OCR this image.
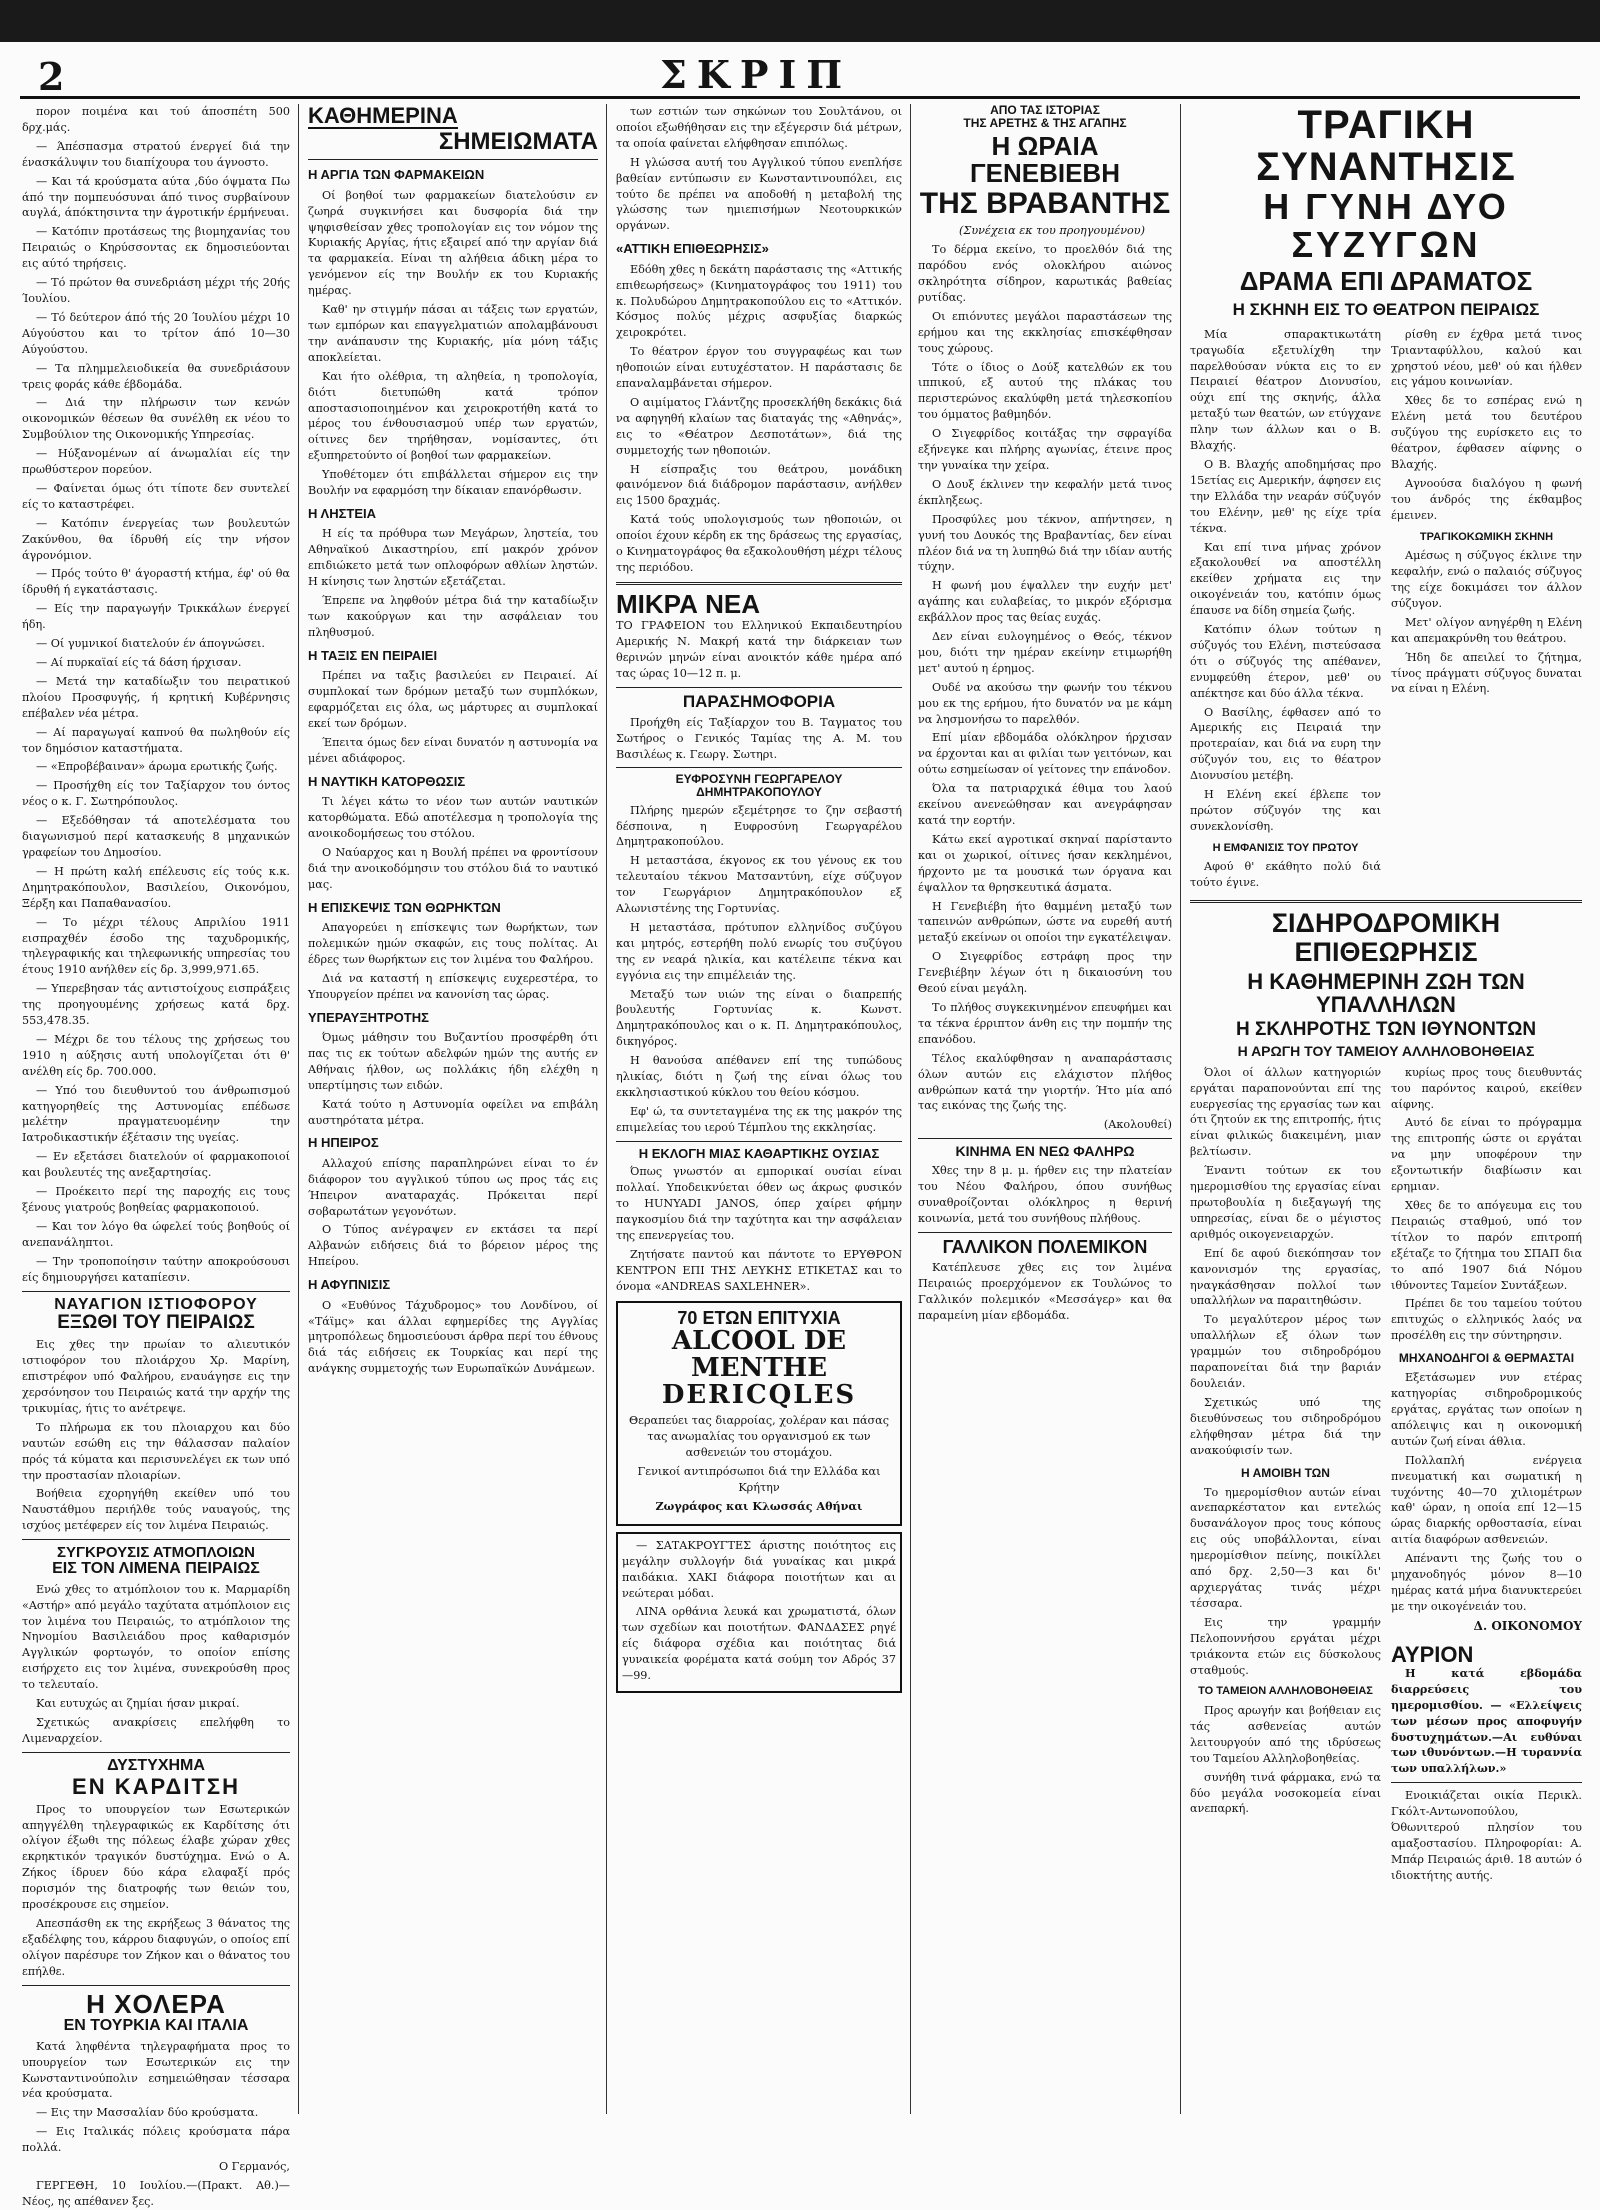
2	ΣΚΡΙΠ

πορον ποιμένα και τού άποσπέτη 500 δρχ.μάς.

— Άπέσπασμα στρατού ένεργεί διά την ένασκάλυψιν του διαπίχουρα του άγνοστο.

— Και τά κρούσματα αύτα ,δύο όψματα Πω άπό την πομπευόσυναι άπό τινος συρβαίνουν αυγλά, άπόκτησιντα την άγροτικήν έρμήνευαι.

— Κατόπιν προτάσεως της βιομηχανίας του Πειραιώς ο Κηρύσσοντας εκ δημοσιεύονται εις αύτό τηρήσεις.

— Τό πρώτον θα συνεδριάση μέχρι τής 20ής Ίουλίου.

— Τό δεύτερον άπό τής 20 Ίουλίου μέχρι 10 Αύγούστου και το τρίτον άπό 10—30 Αύγούστου.

— Τα πλημμελειοδικεία θα συνεδριάσουν τρεις φοράς κάθε έβδομάδα.

— Διά την πλήρωσιν των κενών οικονομικών θέσεων θα συνέλθη εκ νέου το Συμβούλιον της Οικονομικής Υπηρεσίας.

— Ηύξανομένων αί άνωμαλίαι είς την πρωθύστερον πορεύον.

— Φαίνεται όμως ότι τίποτε δεν συντελεί είς το καταστρέφει.

— Κατόπιν ένεργείας των βουλευτών Ζακύνθου, θα ίδρυθή είς την νήσον άγρονόμιον.

— Πρός τούτο θ' άγοραστή κτήμα, έφ' ού θα ίδρυθή ή εγκατάστασις.

— Είς την παραγωγήν Τρικκάλων ένεργεί ήδη.

— Οί γυμνικοί διατελούν έν άπογνώσει.

— Αί πυρκαϊαί είς τά δάση ήρχισαν.

— Μετά την καταδίωξιν του πειρατικού πλοίου Προσφυγής, ή κρητική Κυβέρνησις επέβαλεν νέα μέτρα.

— Αί παραγωγαί καπνού θα πωληθούν είς τον δημόσιον καταστήματα.

— «Επροβέβαιναν» άρωμα ερωτικής ζωής.

— Προσήχθη είς τον Ταξίαρχον του όντος νέος ο κ. Γ. Σωτηρόπουλος.

— Εξεδόθησαν τά αποτελέσματα του διαγωνισμού περί κατασκευής 8 μηχανικών γραφείων του Δημοσίου.

— Η πρώτη καλή επέλευσις είς τούς κ.κ. Δημητρακόπουλον, Βασιλείου, Οικονόμου, Ξέρξη και Παπαθανασίου.

— Το μέχρι τέλους Απριλίου 1911 εισπραχθέν έσοδο της ταχυδρομικής, τηλεγραφικής και τηλεφωνικής υπηρεσίας του έτους 1910 ανήλθεν είς δρ. 3,999,971.65.

— Υπερεβησαν τάς αντιστοίχους εισπράξεις της προηγουμένης χρήσεως κατά δρχ. 553,478.35.

— Μέχρι δε του τέλους της χρήσεως του 1910 η αύξησις αυτή υπολογίζεται ότι θ' ανέλθη είς δρ. 700.000.

— Υπό του διευθυντού του άνθρωπισμού κατηγορηθείς της Αστυνομίας επέδωσε μελέτην πραγματευομένην την Ιατροδικαστικήν έξέτασιν της υγείας.

— Εν εξετάσει διατελούν οί φαρμακοποιοί και βουλευτές της ανεξαρτησίας.

— Προέκειτο περί της παροχής εις τους ξένους γιατρούς βοηθείας φαρμακοποιού.

— Και τον λόγο θα ώφελεί τούς βοηθούς οί ανεπανάληπτοι.

— Την τροποποίησιν ταύτην αποκρούσουσι είς δημιουργήσει καταπίεσιν.

ΝΑΥΑΓΙΟΝ ΙΣΤΙΟΦΟΡΟΥ
ΕΞΩΘΙ ΤΟΥ ΠΕΙΡΑΙΩΣ

Εις χθες την πρωίαν το αλιευτικόν ιστιοφόρον του πλοιάρχου Χρ. Μαρίνη, επιστρέφον υπό Φαλήρου, εναυάγησε εις την χερσόνησον του Πειραιώς κατά την αρχήν της τρικυμίας, ήτις το ανέτρεψε.

Το πλήρωμα εκ του πλοιαρχου και δύο ναυτών εσώθη εις την θάλασσαν παλαίον πρός τά κύματα και περισυνελέγει εκ των υπό την προστασίαν πλοιαρίων.

Βοήθεια εχορηγήθη εκείθεν υπό του Ναυστάθμου περιήλθε τούς ναυαγούς, της ισχύος μετέφερεν είς τον λιμένα Πειραιώς.

ΣΥΓΚΡΟΥΣΙΣ ΑΤΜΟΠΛΟΙΩΝ
ΕΙΣ ΤΟΝ ΛΙΜΕΝΑ ΠΕΙΡΑΙΩΣ

Ενώ χθες το ατμόπλοιον του κ. Μαρμαρίδη «Αστήρ» από μεγάλο ταχύτατα ατμόπλοιον εις τον λιμένα του Πειραιώς, το ατμόπλοιον της Νηνομίου Βασιλειάδου προς καθαρισμόν Αγγλικών φορτωγόν, το οποίον επίσης εισήρχετο εις τον λιμένα, συνεκρούσθη προς το τελευταίο.

Και ευτυχώς αι ζημίαι ήσαν μικραί.

Σχετικώς ανακρίσεις επελήφθη το Λιμεναρχείον.

ΔΥΣΤΥΧΗΜΑ
ΕΝ ΚΑΡΔΙΤΣΗ

Προς το υπουργείον των Εσωτερικών απηγγέλθη τηλεγραφικώς εκ Καρδίτσης ότι ολίγον έξωθι της πόλεως έλαβε χώραν χθες εκρηκτικόν τραγικόν δυστύχημα. Ενώ ο Α. Ζήκος ίδρυεν δύο κάρα ελαφαξί πρός πορισμόν της διατροφής των θειών του, προσέκρουσε εις σημείον.

Απεσπάσθη εκ της εκρήξεως 3 θάνατος της εξαδέλφης του, κάρρου διαφυγών, ο οποίος επί ολίγον παρέσυρε τον Ζήκον και ο θάνατος του επήλθε.

Η ΧΟΛΕΡΑ
ΕΝ ΤΟΥΡΚΙΑ ΚΑΙ ΙΤΑΛΙΑ

Κατά ληφθέντα τηλεγραφήματα προς το υπουργείον των Εσωτερικών εις την Κωνσταντινούπολιν εσημειώθησαν τέσσαρα νέα κρούσματα.

— Εις την Μασσαλίαν δύο κρούσματα.

— Εις Ιταλικάς πόλεις κρούσματα πάρα πολλά.

Ο Γερμανός,

ΓΕΡΓΕΘΗ, 10 Ιουλίου.—(Πρακτ. Αθ.)—Νέος, ης απέθανεν ξες.

ΚΑΘΗΜΕΡΙΝΑ
ΣΗΜΕΙΩΜΑΤΑ
Η ΑΡΓΙΑ ΤΩΝ ΦΑΡΜΑΚΕΙΩΝ

Οί βοηθοί των φαρμακείων διατελούσιν εν ζωηρά συγκινήσει και δυσφορία διά την ψηφισθείσαν χθες τροπολογίαν εις τον νόμον της Κυριακής Αργίας, ήτις εξαιρεί από την αργίαν διά τα φαρμακεία. Είναι τη αλήθεια άδικη μέρα το γενόμενον είς την Βουλήν εκ του Κυριακής ημέρας.

Καθ' ην στιγμήν πάσαι αι τάξεις των εργατών, των εμπόρων και επαγγελματιών απολαμβάνουσι την ανάπαυσιν της Κυριακής, μία μόνη τάξις αποκλείεται.

Και ήτο ολέθρια, τη αληθεία, η τροπολογία, διότι διετυπώθη κατά τρόπον αποστασιοποιημένον και χειροκροτήθη κατά το μέρος του ένθουσιασμού υπέρ των εργατών, οίτινες δεν τηρήθησαν, νομίσαντες, ότι εξυπηρετούντο οί βοηθοί των φαρμακείων.

Υποθέτομεν ότι επιβάλλεται σήμερον εις την Βουλήν να εφαρμόση την δίκαιαν επανόρθωσιν.

Η ΛΗΣΤΕΙΑ

Η είς τα πρόθυρα των Μεγάρων, ληστεία, του Αθηναϊκού Δικαστηρίου, επί μακρόν χρόνον επιδιώκετο μετά των οπλοφόρων αθλίων ληστών. Η κίνησις των ληστών εξετάζεται.

Έπρεπε να ληφθούν μέτρα διά την καταδίωξιν των κακούργων και την ασφάλειαν του πληθυσμού.

Η ΤΑΞΙΣ ΕΝ ΠΕΙΡΑΙΕΙ

Πρέπει να ταξις βασιλεύει εν Πειραιεί. Αί συμπλοκαί των δρόμων μεταξύ των συμπλόκων, εφαρμόζεται εις όλα, ως μάρτυρες αι συμπλοκαί εκεί των δρόμων.

Έπειτα όμως δεν είναι δυνατόν η αστυνομία να μένει αδιάφορος.

Η ΝΑΥΤΙΚΗ ΚΑΤΟΡΘΩΣΙΣ

Τι λέγει κάτω το νέον των αυτών ναυτικών κατορθώματα. Εδώ αποτέλεσμα η τροπολογία της ανοικοδομήσεως του στόλου.

Ο Ναύαρχος και η Βουλή πρέπει να φροντίσουν διά την ανοικοδόμησιν του στόλου διά το ναυτικό μας.

Η ΕΠΙΣΚΕΨΙΣ ΤΩΝ ΘΩΡΗΚΤΩΝ

Απαγορεύει η επίσκεψις των θωρήκτων, των πολεμικών ημών σκαφών, εις τους πολίτας. Αι έδρες των θωρήκτων εις τον λιμένα του Φαλήρου.

Διά να καταστή η επίσκεψις ευχερεστέρα, το Υπουργείον πρέπει να κανονίση τας ώρας.

ΥΠΕΡΑΥΞΗΤΡΟΤΗΣ

Όμως μάθησιν του Βυζαντίου προσφέρθη ότι πας τις εκ τούτων αδελφών ημών της αυτής εν Αθήναις ήλθον, ως πολλάκις ήδη ελέχθη η υπερτίμησις των ειδών.

Κατά τούτο η Αστυνομία οφείλει να επιβάλη αυστηρότατα μέτρα.

Η ΗΠΕΙΡΟΣ

Αλλαχού επίσης παραπληρώνει είναι το έν διάφορον του αγγλικού τύπου ως προς τάς εις Ήπειρον αναταραχάς. Πρόκειται περί σοβαρωτάτων γεγονότων.

Ο Τύπος ανέγραψεν εν εκτάσει τα περί Αλβανών ειδήσεις διά το βόρειον μέρος της Ηπείρου.

Η ΑΦΥΠΝΙΣΙΣ

Ο «Ευθύνος Τάχυδρομος» του Λονδίνου, οί «Τάϊμς» και άλλαι εφημερίδες της Αγγλίας μητροπόλεως δημοσιεύουσι άρθρα περί του έθνους διά τάς ειδήσεις εκ Τουρκίας και περί της ανάγκης συμμετοχής των Ευρωπαϊκών Δυνάμεων.

των εστιών των σηκώνων του Σουλτάνου, οι οποίοι εξωθήθησαν εις την εξέγερσιν διά μέτρων, τα οποία φαίνεται ελήφθησαν επιπόλως.

Η γλώσσα αυτή του Αγγλικού τύπου ενεπλήσε βαθείαν εντύπωσιν εν Κωνσταντινουπόλει, εις τούτο δε πρέπει να αποδοθή η μεταβολή της γλώσσης των ημιεπισήμων Νεοτουρκικών οργάνων.

«ΑΤΤΙΚΗ ΕΠΙΘΕΩΡΗΣΙΣ»

Εδόθη χθες η δεκάτη παράστασις της «Αττικής επιθεωρήσεως» (Κινηματογράφος του 1911) του κ. Πολυδώρου Δημητρακοπούλου εις το «Αττικόν. Κόσμος πολύς μέχρις ασφυξίας διαρκώς χειροκρότει.

Το θέατρον έργον του συγγραφέως και των ηθοποιών είναι ευτυχέστατον. Η παράστασις δε επαναλαμβάνεται σήμερον.

Ο αιμίματος Γλάντζης προσεκλήθη δεκάκις διά να αφηγηθή κλαίων τας διαταγάς της «Αθηνάς», εις το «Θέατρον Δεσποτάτων», διά της συμμετοχής των ηθοποιών.

Η είσπραξις του θεάτρου, μονάδικη φαινόμενον διά διάδρομον παράστασιν, ανήλθεν εις 1500 δραχμάς.

Κατά τούς υπολογισμούς των ηθοποιών, οι οποίοι έχουν κέρδη εκ της δράσεως της εργασίας, ο Κινηματογράφος θα εξακολουθήση μέχρι τέλους της περιόδου.

ΜΙΚΡΑ ΝΕΑ

ΤΟ ΓΡΑΦΕΙΟΝ του Ελληνικού Εκπαιδευτηρίου Αμερικής Ν. Μακρή κατά την διάρκειαν των θερινών μηνών είναι ανοικτόν κάθε ημέρα από τας ώρας 10—12 π. μ.

ΠΑΡΑΣΗΜΟΦΟΡΙΑ

Προήχθη είς Ταξίαρχον του Β. Ταγματος του Σωτήρος ο Γενικός Ταμίας της Α. Μ. του Βασιλέως κ. Γεωργ. Σωτηρι.

ΕΥΦΡΟΣΥΝΗ ΓΕΩΡΓΑΡΕΛΟΥ ΔΗΜΗΤΡΑΚΟΠΟΥΛΟΥ

Πλήρης ημερών εξεμέτρησε το ζην σεβαστή δέσποινα, η Ευφροσύνη Γεωργαρέλου Δημητρακοπούλου.

Η μεταστάσα, έκγονος εκ του γένους εκ του τελευταίου τέκνου Ματσαντύνη, είχε σύζυγον τον Γεωργάριον Δημητρακόπουλον εξ Αλωνιστένης της Γορτυνίας.

Η μεταστάσα, πρότυπον ελληνίδος συζύγου και μητρός, εστερήθη πολύ ενωρίς του συζύγου της εν νεαρά ηλικία, και κατέλειπε τέκνα και εγγόνια εις την επιμέλειάν της.

Μεταξύ των υιών της είναι ο διαπρεπής βουλευτής Γορτυνίας κ. Κωνστ. Δημητρακόπουλος και ο κ. Π. Δημητρακόπουλος, δικηγόρος.

Η θανούσα απέθανεν επί της τυπώδους ηλικίας, διότι η ζωή της είναι όλως του εκκλησιαστικού κύκλου του θείου κόσμου.

Εφ' ώ, τα συντεταγμένα της εκ της μακρόν της επιμελείας του ιερού Τέμπλου της εκκλησίας.

Η ΕΚΛΟΓΗ ΜΙΑΣ ΚΑΘΑΡΤΙΚΗΣ ΟΥΣΙΑΣ

Όπως γνωστόν αι εμπορικαί ουσίαι είναι πολλαί. Υποδεικνύεται όθεν ως άκρως φυσικόν το HUNYADI JANOS, όπερ χαίρει φήμην παγκοσμίου διά την ταχύτητα και την ασφάλειαν της επενεργείας του.

Ζητήσατε παντού και πάντοτε το ΕΡΥΘΡΟΝ ΚΕΝΤΡΟΝ ΕΠΙ ΤΗΣ ΛΕΥΚΗΣ ΕΤΙΚΕΤΑΣ και το όνομα «ANDREAS SAXLEHNER».

70 ΕΤΩΝ ΕΠΙΤΥΧΙΑ
ALCOOL DE MENTHE
DERICQLES

Θεραπεύει τας διαρροίας, χολέραν και πάσας τας ανωμαλίας του οργανισμού εκ των ασθενειών του στομάχου.

Γενικοί αντιπρόσωποι διά την Ελλάδα και Κρήτην

Ζωγράφος και Κλωσσάς Αθήναι

— ΣΑΤΑΚΡΟΥΓΤΕΣ άριστης ποιότητος εις μεγάλην συλλογήν διά γυναίκας και μικρά παιδάκια. ΧΑΚΙ διάφορα ποιοτήτων και αι νεώτεραι μόδαι.

ΛΙΝΑ ορθάνια λευκά και χρωματιστά, όλων των σχεδίων και ποιοτήτων. ΦΑΝΔΑΣΕΣ ρηγέ είς διάφορα σχέδια και ποιότητας διά γυναικεία φορέματα κατά σούμη τον Αδρός 37—99.

ΑΠΟ ΤΑΣ ΙΣΤΟΡΙΑΣ
ΤΗΣ ΑΡΕΤΗΣ & ΤΗΣ ΑΓΑΠΗΣ
Η ΩΡΑΙΑ ΓΕΝΕΒΙΕΒΗ
ΤΗΣ ΒΡΑΒΑΝΤΗΣ

(Συνέχεια εκ του προηγουμένου)

Το δέρμα εκείνο, το προελθόν διά της παρόδου ενός ολοκλήρου αιώνος σκληρότητα σίδηρον, καρωτικάς βαθείας ρυτίδας.

Οι επιόνυτες μεγάλοι παραστάσεων της ερήμου και της εκκλησίας επισκέφθησαν τους χώρους.

Τότε ο ίδιος ο Δούξ κατελθών εκ του ιππικού, εξ αυτού της πλάκας του περιστερώνος εκαλύφθη μετά τηλεσκοπίου του όμματος βαθμηδόν.

Ο Σιγεφρίδος κοιτάξας την σφραγίδα εξήνεγκε και πλήρης αγωνίας, έτεινε προς την γυναίκα την χείρα.

Ο Δουξ έκλινεν την κεφαλήν μετά τινος έκπληξεως.

Προσφύλες μου τέκνον, απήντησεν, η γυνή του Δουκός της Βραβαντίας, δεν είναι πλέον διά να τη λυπηθώ διά την ιδίαν αυτής τύχην.

Η φωνή μου έψαλλεν την ευχήν μετ' αγάπης και ευλαβείας, το μικρόν εξόρισμα εκβάλλον προς τας θείας ευχάς.

Δεν είναι ευλογημένος ο Θεός, τέκνον μου, διότι την ημέραν εκείνην ετιμωρήθη μετ' αυτού η έρημος.

Ουδέ να ακούσω την φωνήν του τέκνου μου εκ της ερήμου, ήτο δυνατόν να με κάμη να λησμονήσω το παρελθόν.

Επί μίαν εβδομάδα ολόκληρον ήρχισαν να έρχονται και αι φιλίαι των γειτόνων, και ούτω εσημείωσαν οί γείτονες την επάνοδον.

Όλα τα πατριαρχικά έθιμα του λαού εκείνου ανενεώθησαν και ανεγράφησαν κατά την εορτήν.

Κάτω εκεί αγροτικαί σκηναί παρίσταντο και οι χωρικοί, οίτινες ήσαν κεκλημένοι, ήρχοντο με τα μουσικά των όργανα και έψαλλον τα θρησκευτικά άσματα.

Η Γενεβιέβη ήτο θαμμένη μεταξύ των ταπεινών ανθρώπων, ώστε να ευρεθή αυτή μεταξύ εκείνων οι οποίοι την εγκατέλειψαν.

Ο Σιγεφρίδος εστράφη προς την Γενεβιέβην λέγων ότι η δικαιοσύνη του Θεού είναι μεγάλη.

Το πλήθος συγκεκινημένον επευφήμει και τα τέκνα έρριπτον άνθη εις την πομπήν της επανόδου.

Τέλος εκαλύφθησαν η αναπαράστασις όλων αυτών εις ελάχιστον πλήθος ανθρώπων κατά την γιορτήν. Ήτο μία από τας εικόνας της ζωής της.

(Ακολουθεί)

ΚΙΝΗΜΑ ΕΝ ΝΕΩ ΦΑΛΗΡΩ

Χθες την 8 μ. μ. ήρθεν εις την πλατείαν του Νέου Φαλήρου, όπου συνήθως συναθροίζονται ολόκληρος η θερινή κοινωνία, μετά του συνήθους πλήθους.

ΓΑΛΛΙΚΟΝ ΠΟΛΕΜΙΚΟΝ

Κατέπλευσε χθες εις τον λιμένα Πειραιώς προερχόμενον εκ Τουλώνος το Γαλλικόν πολεμικόν «Μεσσάγερ» και θα παραμείνη μίαν εβδομάδα.

ΤΡΑΓΙΚΗ ΣΥΝΑΝΤΗΣΙΣ
Η ΓΥΝΗ ΔΥΟ ΣΥΖΥΓΩΝ
ΔΡΑΜΑ ΕΠΙ ΔΡΑΜΑΤΟΣ
Η ΣΚΗΝΗ ΕΙΣ ΤΟ ΘΕΑΤΡΟΝ ΠΕΙΡΑΙΩΣ

Μία σπαρακτικωτάτη τραγωδία εξετυλίχθη την παρελθούσαν νύκτα εις το εν Πειραιεί θέατρον Διονυσίου, ούχι επί της σκηνής, άλλα μεταξύ των θεατών, ων ετύγχανε πλην των άλλων και ο Β. Βλαχής.

Ο Β. Βλαχής αποδημήσας προ 15ετίας εις Αμερικήν, άφησεν εις την Ελλάδα την νεαράν σύζυγόν του Ελένην, μεθ' ης είχε τρία τέκνα.

Και επί τινα μήνας χρόνον εξακολουθεί να αποστέλλη εκείθεν χρήματα εις την οικογένειάν του, κατόπιν όμως έπαυσε να δίδη σημεία ζωής.

Κατόπιν όλων τούτων η σύζυγός του Ελένη, πιστεύσασα ότι ο σύζυγός της απέθανεν, ενυμφεύθη έτερον, μεθ' ου απέκτησε και δύο άλλα τέκνα.

Ο Βασίλης, έφθασεν από το Αμερικής εις Πειραιά την προτεραίαν, και διά να ευρη την σύζυγόν του, εις το θέατρον Διονυσίου μετέβη.

Η Ελένη εκεί έβλεπε τον πρώτον σύζυγόν της και συνεκλονίσθη.

Η ΕΜΦΑΝΙΣΙΣ ΤΟΥ ΠΡΩΤΟΥ

Αφού θ' εκάθητο πολύ διά τούτο έγινε.

ρίσθη εν έχθρα μετά τινος Τριανταφύλλου, καλού και χρηστού νέου, μεθ' ού και ήλθεν εις γάμου κοινωνίαν.

Χθες δε το εσπέρας ενώ η Ελένη μετά του δευτέρου συζύγου της ευρίσκετο εις το θέατρον, έφθασεν αίφνης ο Βλαχής.

Αγνοούσα διαλόγου η φωνή του άνδρός της έκθαμβος έμεινεν.

ΤΡΑΓΙΚΟΚΩΜΙΚΗ ΣΚΗΝΗ

Αμέσως η σύζυγος έκλινε την κεφαλήν, ενώ ο παλαιός σύζυγος της είχε δοκιμάσει τον άλλον σύζυγον.

Μετ' ολίγον ανηγέρθη η Ελένη και απεμακρύνθη του θεάτρου.

Ήδη δε απειλεί το ζήτημα, τίνος πράγματι σύζυγος δυναται να είναι η Ελένη.

ΣΙΔΗΡΟΔΡΟΜΙΚΗ ΕΠΙΘΕΩΡΗΣΙΣ
Η ΚΑΘΗΜΕΡΙΝΗ ΖΩΗ ΤΩΝ ΥΠΑΛΛΗΛΩΝ
Η ΣΚΛΗΡΟΤΗΣ ΤΩΝ ΙΘΥΝΟΝΤΩΝ
Η ΑΡΩΓΗ ΤΟΥ ΤΑΜΕΙΟΥ ΑΛΛΗΛΟΒΟΗΘΕΙΑΣ

Όλοι οί άλλων κατηγοριών εργάται παραπονούνται επί της ευεργεσίας της εργασίας των και ότι ζητούν εκ της επιτροπής, ήτις είναι φιλικώς διακειμένη, μιαν βελτίωσιν.

Έναντι τούτων εκ του ημερομισθίου της εργασίας είναι πρωτοβουλία η διεξαγωγή της υπηρεσίας, είναι δε ο μέγιστος αριθμός οικογενειαρχών.

Επί δε αφού διεκόπησαν τον κανονισμόν της εργασίας, ηναγκάσθησαν πολλοί των υπαλλήλων να παραιτηθώσιν.

Το μεγαλύτερον μέρος των υπαλλήλων εξ όλων των γραμμών του σιδηροδρόμου παραπονείται διά την βαριάν δουλειάν.

Σχετικώς υπό της διευθύνσεως του σιδηροδρόμου ελήφθησαν μέτρα διά την ανακούφισίν των.

Η ΑΜΟΙΒΗ ΤΩΝ

Το ημερομίσθιον αυτών είναι ανεπαρκέστατον και εντελώς δυσανάλογον προς τους κόπους εις ούς υποβάλλονται, είναι ημερομίσθιον πείνης, ποικίλλει από δρχ. 2,50—3 και δι' αρχιεργάτας τινάς μέχρι τέσσαρα.

Εις την γραμμήν Πελοποννήσου εργάται μέχρι τριάκοντα ετών εις δύσκολους σταθμούς.

ΤΟ ΤΑΜΕΙΟΝ ΑΛΛΗΛΟΒΟΗΘΕΙΑΣ

Προς αρωγήν και βοήθειαν εις τάς ασθενείας αυτών λειτουργούν από της ιδρύσεως του Ταμείου Αλληλοβοηθείας.

συνήθη τινά φάρμακα, ενώ τα δύο μεγάλα νοσοκομεία είναι ανεπαρκή.

κυρίως προς τους διευθυντάς του παρόντος καιρού, εκείθεν αίφνης.

Αυτό δε είναι το πρόγραμμα της επιτροπής ώστε οι εργάται να μην υποφέρουν την εξοντωτικήν διαβίωσιν και ερημιαν.

Χθες δε το απόγευμα εις του Πειραιώς σταθμού, υπό τον τίτλον το παρόν επιτροπή εξέταζε το ζήτημα του ΣΠΑΠ δια το από 1907 διά Νόμου ιθύνοντες Ταμείον Συντάξεων.

Πρέπει δε του ταμείου τούτου επιτυχώς ο ελληνικός λαός να προσέλθη εις την σύντηρησιν.

ΜΗΧΑΝΟΔΗΓΟΙ & ΘΕΡΜΑΣΤΑΙ

Εξετάσωμεν νυν ετέρας κατηγορίας σιδηροδρομικούς εργάτας, εργάτας των οποίων η απόλειψις και η οικονομική αυτών ζωή είναι άθλια.

Πολλαπλή ενέργεια πνευματική και σωματική η τυχόντης 40—70 χιλιομέτρων καθ' ώραν, η οποία επί 12—15 ώρας διαρκής ορθοστασία, είναι αιτία διαφόρων ασθενειών.

Απέναντι της ζωής του ο μηχανοδηγός μόνον 8—10 ημέρας κατά μήνα διανυκτερεύει με την οικογένειάν του.

Δ. ΟΙΚΟΝΟΜΟΥ
ΑΥΡΙΟΝ

Η κατά εβδομάδα διαρρεύσεις του ημερομισθίου. — «Ελλείψεις των μέσων προς αποφυγήν δυστυχημάτων.—Αι ευθύναι των ιθυνόντων.—Η τυραννία των υπαλλήλων.»

Ενοικιάζεται οικία Περικλ. Γκόλτ-Αντωνοπούλου, Όθωνιτερού πλησίον του αμαξοστασίου. Πληροφορίαι: Α. Μπάρ Πειραιώς άριθ. 18 αυτών ό ιδιοκτήτης αυτής.
